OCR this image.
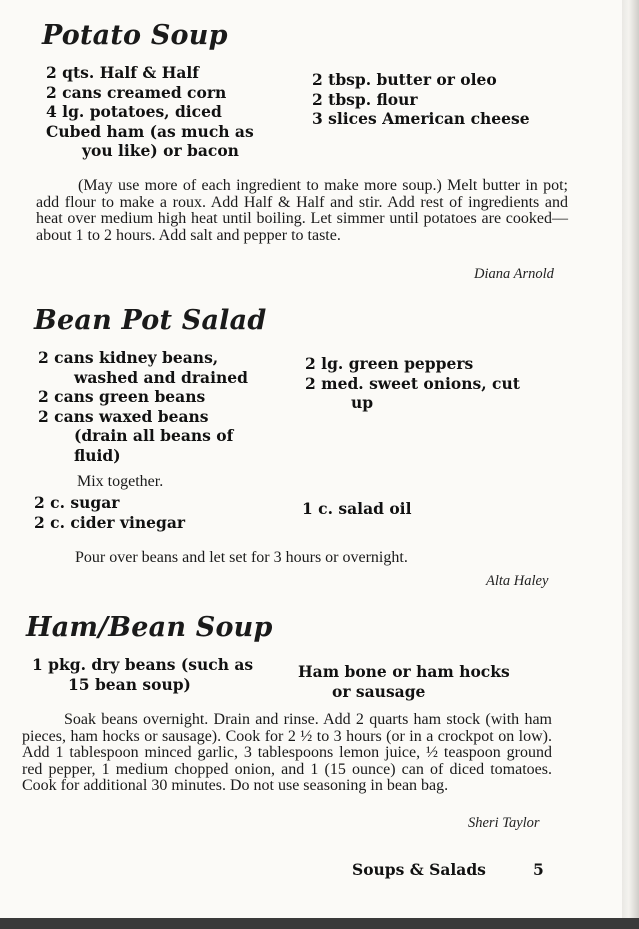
Potato Soup
2 qts. Half & Half
2 cans creamed corn
4 lg. potatoes, diced
Cubed ham (as much as
you like) or bacon
2 tbsp. butter or oleo
2 tbsp. flour
3 slices American cheese

(May use more of each ingredient to make more soup.) Melt butter in pot; add flour to make a roux. Add Half & Half and stir. Add rest of ingredients and heat over medium high heat until boiling. Let simmer until potatoes are cooked—about 1 to 2 hours. Add salt and pepper to taste.

Diana Arnold

Bean Pot Salad
2 cans kidney beans,
washed and drained
2 cans green beans
2 cans waxed beans
(drain all beans of
fluid)
2 lg. green peppers
2 med. sweet onions, cut
up

Mix together.

2 c. sugar
2 c. cider vinegar
1 c. salad oil

Pour over beans and let set for 3 hours or overnight.

Alta Haley

Ham/Bean Soup
1 pkg. dry beans (such as
15 bean soup)
Ham bone or ham hocks
or sausage

Soak beans overnight. Drain and rinse. Add 2 quarts ham stock (with ham pieces, ham hocks or sausage). Cook for 2 ½ to 3 hours (or in a crockpot on low). Add 1 tablespoon minced garlic, 3 tablespoons lemon juice, ½ teaspoon ground red pepper, 1 medium chopped onion, and 1 (15 ounce) can of diced tomatoes. Cook for additional 30 minutes. Do not use seasoning in bean bag.

Sheri Taylor

Soups & Salads	5
